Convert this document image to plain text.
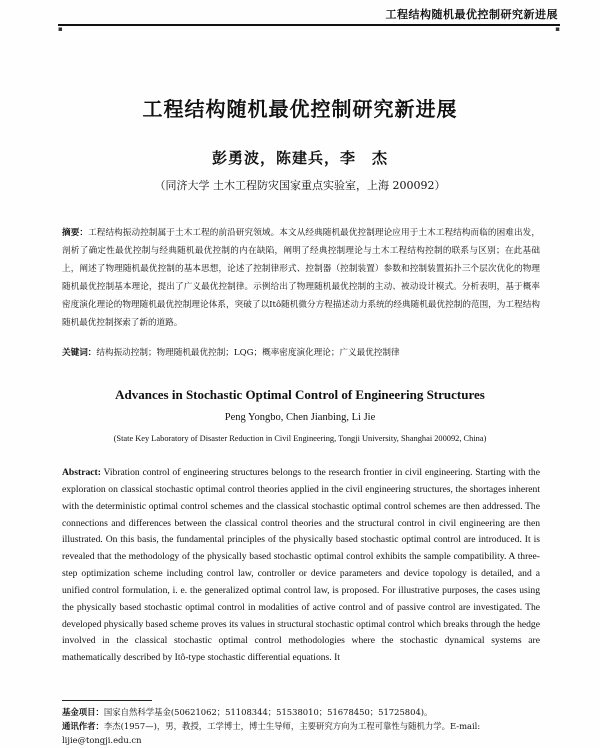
工程结构随机最优控制研究新进展
▪	▪
工程结构随机最优控制研究新进展
彭勇波，陈建兵，李　杰
（同济大学 土木工程防灾国家重点实验室，上海 200092）
摘要：工程结构振动控制属于土木工程的前沿研究领域。本文从经典随机最优控制理论应用于土木工程结构而临的困难出发，剖析了确定性最优控制与经典随机最优控制的内在缺陷，阐明了经典控制理论与土木工程结构控制的联系与区别；在此基础上，阐述了物理随机最优控制的基本思想，论述了控制律形式、控制器（控制装置）参数和控制装置拓扑三个层次优化的物理随机最优控制基本理论，提出了广义最优控制律。示例给出了物理随机最优控制的主动、被动设计模式。分析表明，基于概率密度演化理论的物理随机最优控制理论体系，突破了以Itô随机微分方程描述动力系统的经典随机最优控制的范围，为工程结构随机最优控制探索了新的道路。
关键词：结构振动控制；物理随机最优控制；LQG；概率密度演化理论；广义最优控制律
Advances in Stochastic Optimal Control of Engineering Structures
Peng Yongbo, Chen Jianbing, Li Jie
(State Key Laboratory of Disaster Reduction in Civil Engineering, Tongji University, Shanghai 200092, China)
Abstract: Vibration control of engineering structures belongs to the research frontier in civil engineering. Starting with the exploration on classical stochastic optimal control theories applied in the civil engineering structures, the shortages inherent with the deterministic optimal control schemes and the classical stochastic optimal control schemes are then addressed. The connections and differences between the classical control theories and the structural control in civil engineering are then illustrated. On this basis, the fundamental principles of the physically based stochastic optimal control are introduced. It is revealed that the methodology of the physically based stochastic optimal control exhibits the sample compatibility. A three-step optimization scheme including control law, controller or device parameters and device topology is detailed, and a unified control formulation, i. e. the generalized optimal control law, is proposed. For illustrative purposes, the cases using the physically based stochastic optimal control in modalities of active control and of passive control are investigated. The developed physically based scheme proves its values in structural stochastic optimal control which breaks through the hedge involved in the classical stochastic optimal control methodologies where the stochastic dynamical systems are mathematically described by Itô-type stochastic differential equations. It
基金项目：国家自然科学基金(50621062；51108344；51538010；51678450；51725804)。
通讯作者：李杰(1957—)，男，教授，工学博士，博士生导师，主要研究方向为工程可靠性与随机力学。E-mail: lijie@tongji.edu.cn
